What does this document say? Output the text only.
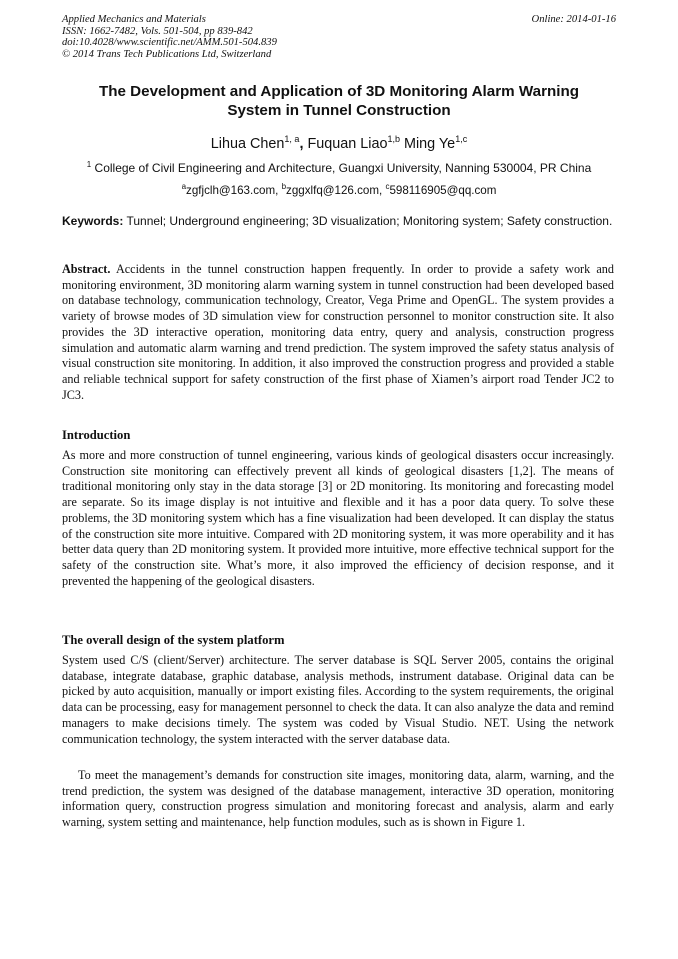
Applied Mechanics and Materials
ISSN: 1662-7482, Vols. 501-504, pp 839-842
doi:10.4028/www.scientific.net/AMM.501-504.839
© 2014 Trans Tech Publications Ltd, Switzerland
Online: 2014-01-16
The Development and Application of 3D Monitoring Alarm Warning
System in Tunnel Construction
Lihua Chen$^{1, a}$, Fuquan Liao$^{1,b}$ Ming Ye$^{1,c}$
$^1$ College of Civil Engineering and Architecture, Guangxi University, Nanning 530004, PR China
$^a$zgfjclh@163.com, $^b$zggxlfq@126.com, $^c$598116905@qq.com
Keywords: Tunnel; Underground engineering; 3D visualization; Monitoring system; Safety construction.
Abstract. Accidents in the tunnel construction happen frequently. In order to provide a safety work and monitoring environment, 3D monitoring alarm warning system in tunnel construction had been developed based on database technology, communication technology, Creator, Vega Prime and OpenGL. The system provides a variety of browse modes of 3D simulation view for construction personnel to monitor construction site. It also provides the 3D interactive operation, monitoring data entry, query and analysis, construction progress simulation and automatic alarm warning and trend prediction. The system improved the safety status analysis of visual construction site monitoring. In addition, it also improved the construction progress and provided a stable and reliable technical support for safety construction of the first phase of Xiamen’s airport road Tender JC2 to JC3.
Introduction
As more and more construction of tunnel engineering, various kinds of geological disasters occur increasingly. Construction site monitoring can effectively prevent all kinds of geological disasters [1,2]. The means of traditional monitoring only stay in the data storage [3] or 2D monitoring. Its monitoring and forecasting model are separate. So its image display is not intuitive and flexible and it has a poor data query. To solve these problems, the 3D monitoring system which has a fine visualization had been developed. It can display the status of the construction site more intuitive. Compared with 2D monitoring system, it was more operability and it has better data query than 2D monitoring system. It provided more intuitive, more effective technical support for the safety of the construction site. What’s more, it also improved the efficiency of decision response, and it prevented the happening of the geological disasters.
The overall design of the system platform
System used C/S (client/Server) architecture. The server database is SQL Server 2005, contains the original database, integrate database, graphic database, analysis methods, instrument database. Original data can be picked by auto acquisition, manually or import existing files. According to the system requirements, the original data can be processing, easy for management personnel to check the data. It can also analyze the data and remind managers to make decisions timely. The system was coded by Visual Studio. NET. Using the network communication technology, the system interacted with the server database data.
To meet the management’s demands for construction site images, monitoring data, alarm, warning, and the trend prediction, the system was designed of the database management, interactive 3D operation, monitoring information query, construction progress simulation and monitoring forecast and analysis, alarm and early warning, system setting and maintenance, help function modules, such as is shown in Figure 1.
